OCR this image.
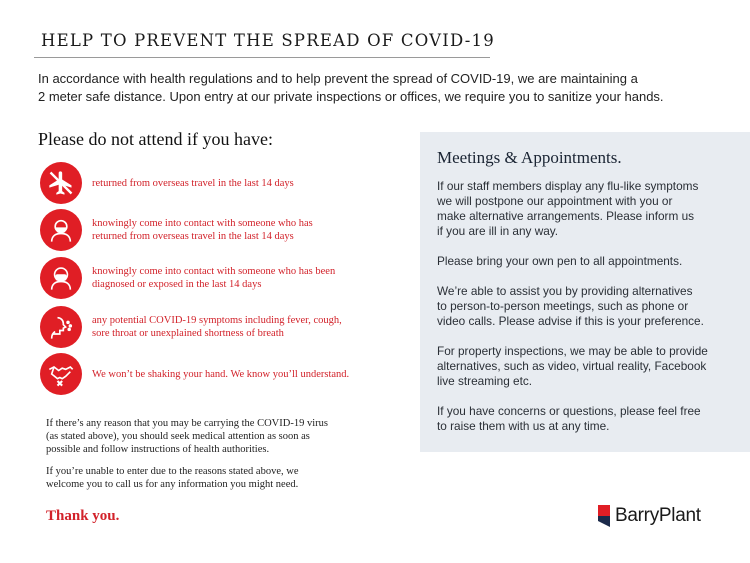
HELP TO PREVENT THE SPREAD OF COVID-19
In accordance with health regulations and to help prevent the spread of COVID-19, we are maintaining a
2 meter safe distance. Upon entry at our private inspections or offices, we require you to sanitize your hands.
Please do not attend if you have:
returned from overseas travel in the last 14 days
knowingly come into contact with someone who has
returned from overseas travel in the last 14 days
knowingly come into contact with someone who has been
diagnosed or exposed in the last 14 days
any potential COVID-19 symptoms including fever, cough,
sore throat or unexplained shortness of breath
We won’t be shaking your hand. We know you’ll understand.
If there’s any reason that you may be carrying the COVID-19 virus
(as stated above), you should seek medical attention as soon as
possible and follow instructions of health authorities.
If you’re unable to enter due to the reasons stated above, we
welcome you to call us for any information you might need.
Thank you.
Meetings & Appointments.

If our staff members display any flu-like symptoms
we will postpone our appointment with you or
make alternative arrangements. Please inform us
if you are ill in any way.

Please bring your own pen to all appointments.

We’re able to assist you by providing alternatives
to person-to-person meetings, such as phone or
video calls. Please advise if this is your preference.

For property inspections, we may be able to provide
alternatives, such as video, virtual reality, Facebook
live streaming etc.

If you have concerns or questions, please feel free
to raise them with us at any time.

BarryPlant
